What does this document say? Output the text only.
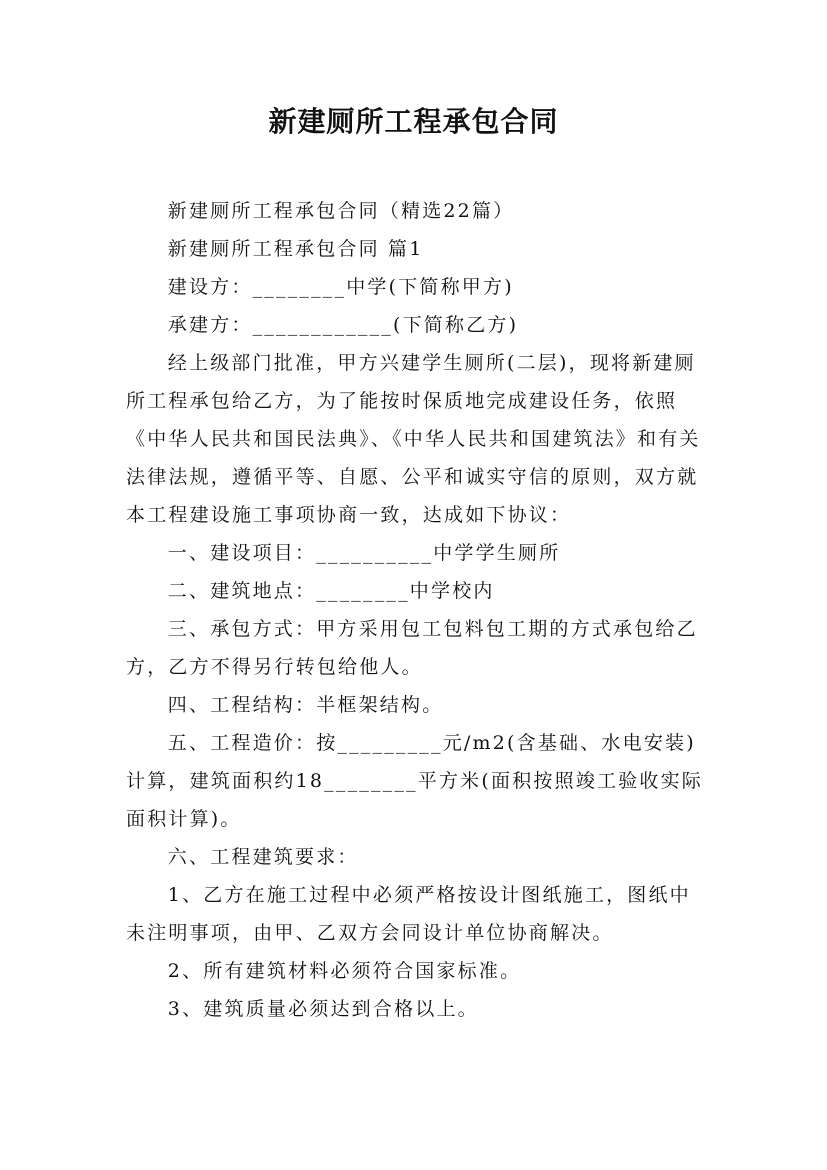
新建厕所工程承包合同

新建厕所工程承包合同（精选22篇）

新建厕所工程承包合同 篇1

建设方：________中学(下简称甲方)

承建方：____________(下简称乙方)

经上级部门批准，甲方兴建学生厕所(二层)，现将新建厕所工程承包给乙方，为了能按时保质地完成建设任务，依照《中华人民共和国民法典》、《中华人民共和国建筑法》和有关法律法规，遵循平等、自愿、公平和诚实守信的原则，双方就本工程建设施工事项协商一致，达成如下协议：

一、建设项目：__________中学学生厕所

二、建筑地点：________中学校内

三、承包方式：甲方采用包工包料包工期的方式承包给乙方，乙方不得另行转包给他人。

四、工程结构：半框架结构。

五、工程造价：按_________元/m2(含基础、水电安装)计算，建筑面积约18________平方米(面积按照竣工验收实际面积计算)。

六、工程建筑要求：

1、乙方在施工过程中必须严格按设计图纸施工，图纸中未注明事项，由甲、乙双方会同设计单位协商解决。

2、所有建筑材料必须符合国家标准。

3、建筑质量必须达到合格以上。
